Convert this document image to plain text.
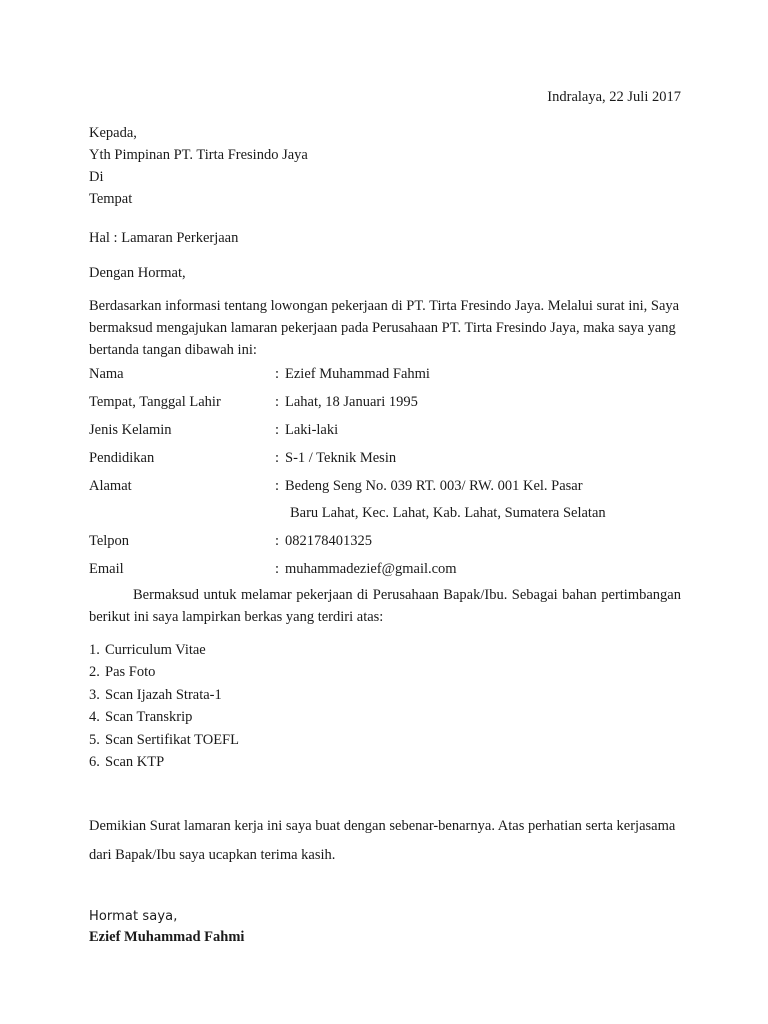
Indralaya, 22 Juli 2017
Kepada,
Yth Pimpinan PT. Tirta Fresindo Jaya
Di
Tempat
Hal : Lamaran Perkerjaan
Dengan Hormat,
Berdasarkan informasi tentang lowongan pekerjaan di PT. Tirta Fresindo Jaya. Melalui surat ini, Saya bermaksud mengajukan lamaran pekerjaan pada Perusahaan PT. Tirta Fresindo Jaya, maka saya yang bertanda tangan dibawah ini:
Nama	:	Ezief Muhammad Fahmi
Tempat, Tanggal Lahir	:	Lahat, 18 Januari 1995
Jenis Kelamin	:	Laki-laki
Pendidikan	:	S-1 / Teknik Mesin
Alamat	:	Bedeng Seng No. 039 RT. 003/ RW. 001 Kel. Pasar
Baru Lahat, Kec. Lahat, Kab. Lahat, Sumatera Selatan

Telpon	:	082178401325
Email	:	muhammadezief@gmail.com
Bermaksud untuk melamar pekerjaan di Perusahaan Bapak/Ibu. Sebagai bahan pertimbangan berikut ini saya lampirkan berkas yang terdiri atas:
1. Curriculum Vitae
2. Pas Foto
3. Scan Ijazah Strata-1
4. Scan Transkrip
5. Scan Sertifikat TOEFL
6. Scan KTP
Demikian Surat lamaran kerja ini saya buat dengan sebenar-benarnya. Atas perhatian serta kerjasama dari Bapak/Ibu saya ucapkan terima kasih.
Hormat saya,
Ezief Muhammad Fahmi
